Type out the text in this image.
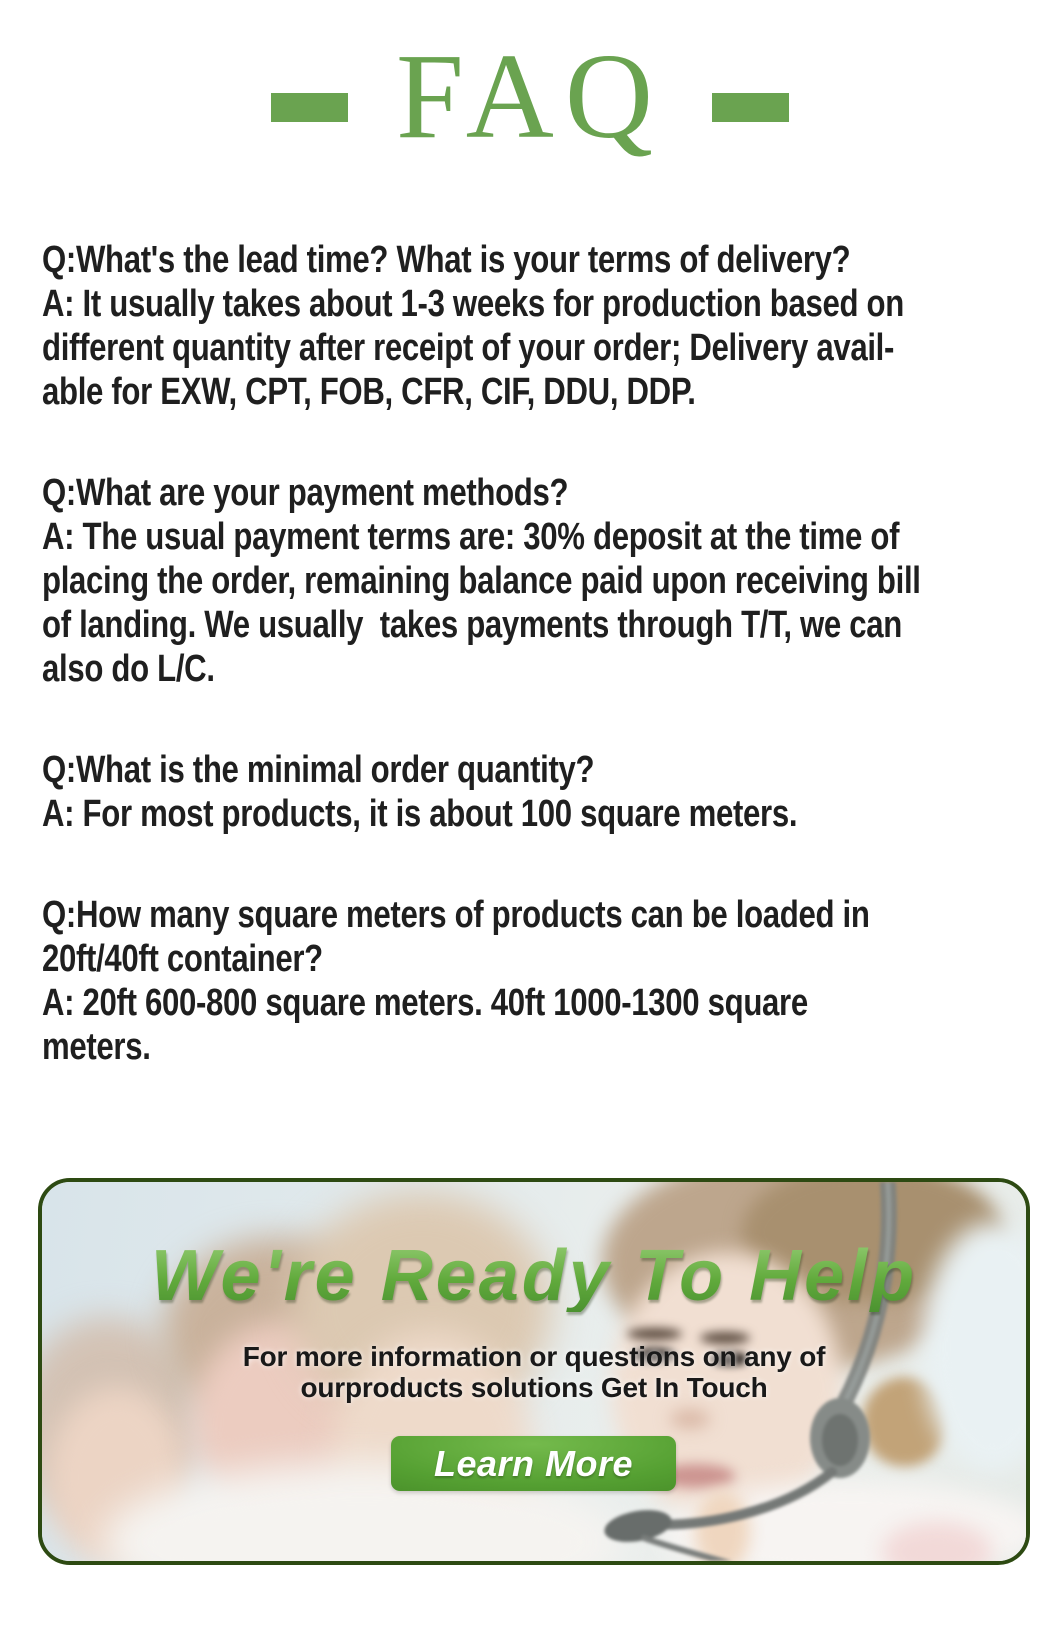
FAQ
Q:What's the lead time? What is your terms of delivery?
A: It usually takes about 1-3 weeks for production based on
different quantity after receipt of your order; Delivery avail-
able for EXW, CPT, FOB, CFR, CIF, DDU, DDP.
Q:What are your payment methods?
A: The usual payment terms are: 30% deposit at the time of
placing the order, remaining balance paid upon receiving bill
of landing. We usually  takes payments through T/T, we can
also do L/C.
Q:What is the minimal order quantity?
A: For most products, it is about 100 square meters.
Q:How many square meters of products can be loaded in
20ft/40ft container?
A: 20ft 600-800 square meters. 40ft 1000-1300 square
meters.
We're Ready To Help

For more information or questions on any of
ourproducts solutions Get In Touch

Learn More
